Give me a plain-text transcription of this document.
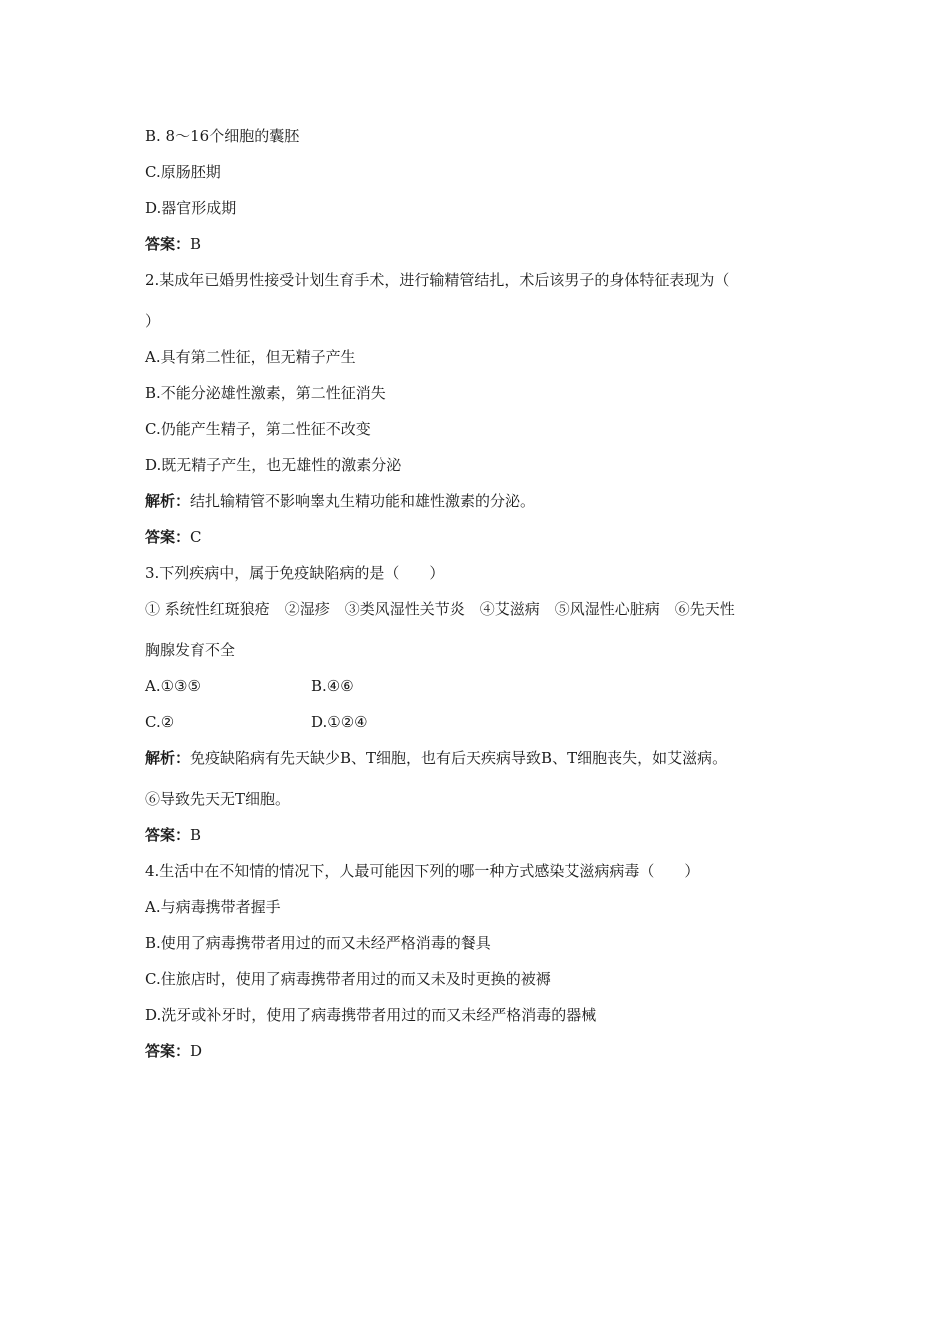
B. 8～16个细胞的囊胚
C.原肠胚期
D.器官形成期
答案：B
2.某成年已婚男性接受计划生育手术，进行输精管结扎，术后该男子的身体特征表现为（
）
A.具有第二性征，但无精子产生
B.不能分泌雄性激素，第二性征消失
C.仍能产生精子，第二性征不改变
D.既无精子产生，也无雄性的激素分泌
解析：结扎输精管不影响睾丸生精功能和雄性激素的分泌。
答案：C
3.下列疾病中，属于免疫缺陷病的是（　　）
① 系统性红斑狼疮　②湿疹　③类风湿性关节炎　④艾滋病　⑤风湿性心脏病　⑥先天性
胸腺发育不全
A.①③⑤	B.④⑥
C.②	D.①②④
解析：免疫缺陷病有先天缺少B、T细胞，也有后天疾病导致B、T细胞丧失，如艾滋病。
⑥导致先天无T细胞。
答案：B
4.生活中在不知情的情况下，人最可能因下列的哪一种方式感染艾滋病病毒（　　）
A.与病毒携带者握手
B.使用了病毒携带者用过的而又未经严格消毒的餐具
C.住旅店时，使用了病毒携带者用过的而又未及时更换的被褥
D.洗牙或补牙时，使用了病毒携带者用过的而又未经严格消毒的器械
答案：D
